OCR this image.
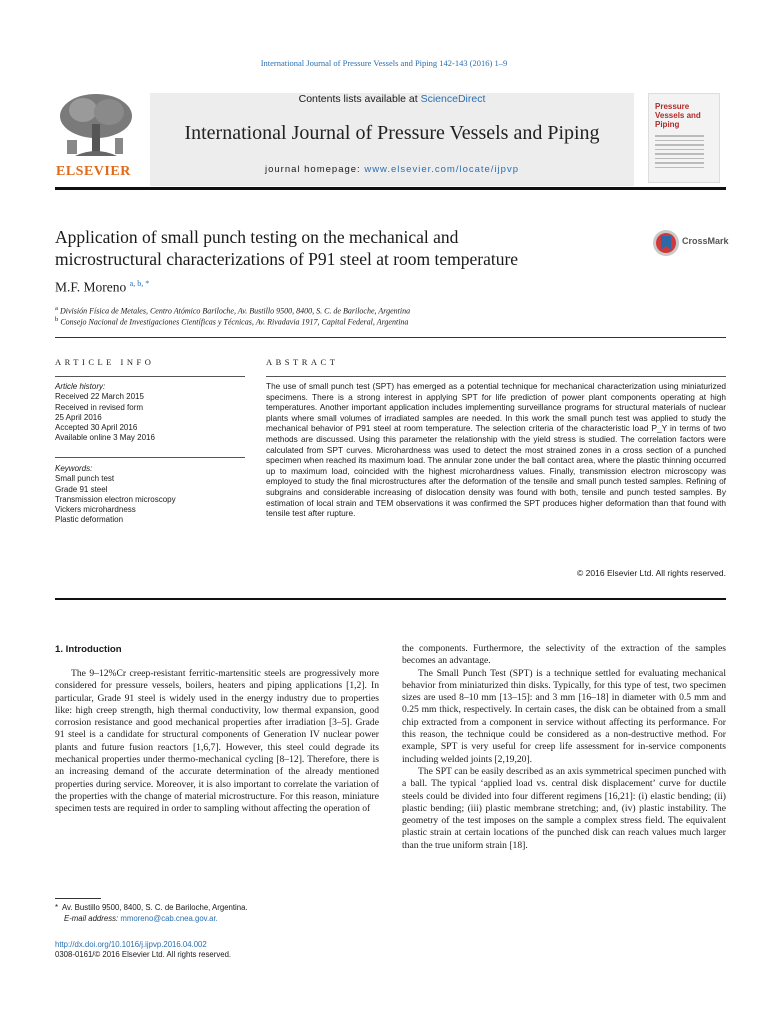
International Journal of Pressure Vessels and Piping 142-143 (2016) 1–9
ELSEVIER
Contents lists available at ScienceDirect
International Journal of Pressure Vessels and Piping
journal homepage: www.elsevier.com/locate/ijpvp
Pressure Vessels and Piping
Application of small punch testing on the mechanical and
microstructural characterizations of P91 steel at room temperature
CrossMark
M.F. Moreno $^{a, b, *}$
$^a$ División Física de Metales, Centro Atómico Bariloche, Av. Bustillo 9500, 8400, S. C. de Bariloche, Argentina
$^b$ Consejo Nacional de Investigaciones Científicas y Técnicas, Av. Rivadavia 1917, Capital Federal, Argentina
ARTICLE INFO
Article history:
Received 22 March 2015
Received in revised form
25 April 2016
Accepted 30 April 2016
Available online 3 May 2016
Keywords:
Small punch test
Grade 91 steel
Transmission electron microscopy
Vickers microhardness
Plastic deformation
ABSTRACT
The use of small punch test (SPT) has emerged as a potential technique for mechanical characterization using miniaturized specimens. There is a strong interest in applying SPT for life prediction of power plant components operating at high temperatures. Another important application includes implementing surveillance programs for structural materials of nuclear plants where small volumes of irradiated samples are needed. In this work the small punch test was applied to study the mechanical behavior of P91 steel at room temperature. The selection criteria of the characteristic load P_Y in terms of two methods are discussed. Using this parameter the relationship with the yield stress is studied. The correlation factors were calculated from SPT curves. Microhardness was used to detect the most strained zones in a cross section of a punched specimen when reached its maximum load. The annular zone under the ball contact area, where the plastic thinning occurred up to maximum load, coincided with the highest microhardness values. Finally, transmission electron microscopy was employed to study the final microstructures after the deformation of the tensile and small punch tested samples. Refining of subgrains and considerable increasing of dislocation density was found with both, tensile and punch tested samples. By estimation of local strain and TEM observations it was confirmed the SPT produces higher deformation than that found with tensile test after rupture.
© 2016 Elsevier Ltd. All rights reserved.
1. Introduction

The 9–12%Cr creep-resistant ferritic-martensitic steels are progressively more considered for pressure vessels, boilers, heaters and piping applications [1,2]. In particular, Grade 91 steel is widely used in the energy industry due to properties like: high creep strength, high thermal conductivity, low thermal expansion, good corrosion resistance and good mechanical properties after irradiation [3–5]. Grade 91 steel is a candidate for structural components of Generation IV nuclear power plants and future fusion reactors [1,6,7]. However, this steel could degrade its mechanical properties under thermo-mechanical cycling [8–12]. Therefore, there is an increasing demand of the accurate determination of the already mentioned properties during service. Moreover, it is also important to correlate the variation of the properties with the change of material microstructure. For this reason, miniature specimen tests are required in order to sampling without affecting the operation of

the components. Furthermore, the selectivity of the extraction of the samples becomes an advantage.

The Small Punch Test (SPT) is a technique settled for evaluating mechanical behavior from miniaturized thin disks. Typically, for this type of test, two specimen sizes are used 8–10 mm [13–15]: and 3 mm [16–18] in diameter with 0.5 mm and 0.25 mm thick, respectively. In certain cases, the disk can be obtained from a small chip extracted from a component in service without affecting its performance. For this reason, the technique could be considered as a non-destructive method. For example, SPT is very useful for creep life assessment for in-service components including welded joints [2,19,20].

The SPT can be easily described as an axis symmetrical specimen punched with a ball. The typical ‘applied load vs. central disk displacement’ curve for ductile steels could be divided into four different regimens [16,21]: (i) elastic bending; (ii) plastic bending; (iii) plastic membrane stretching; and, (iv) plastic instability. The geometry of the test imposes on the sample a complex stress field. The equivalent plastic strain at certain locations of the punched disk can reach values much larger than the true uniform strain [18].

* Av. Bustillo 9500, 8400, S. C. de Bariloche, Argentina.
E-mail address: mmoreno@cab.cnea.gov.ar.
http://dx.doi.org/10.1016/j.ijpvp.2016.04.002
0308-0161/© 2016 Elsevier Ltd. All rights reserved.
